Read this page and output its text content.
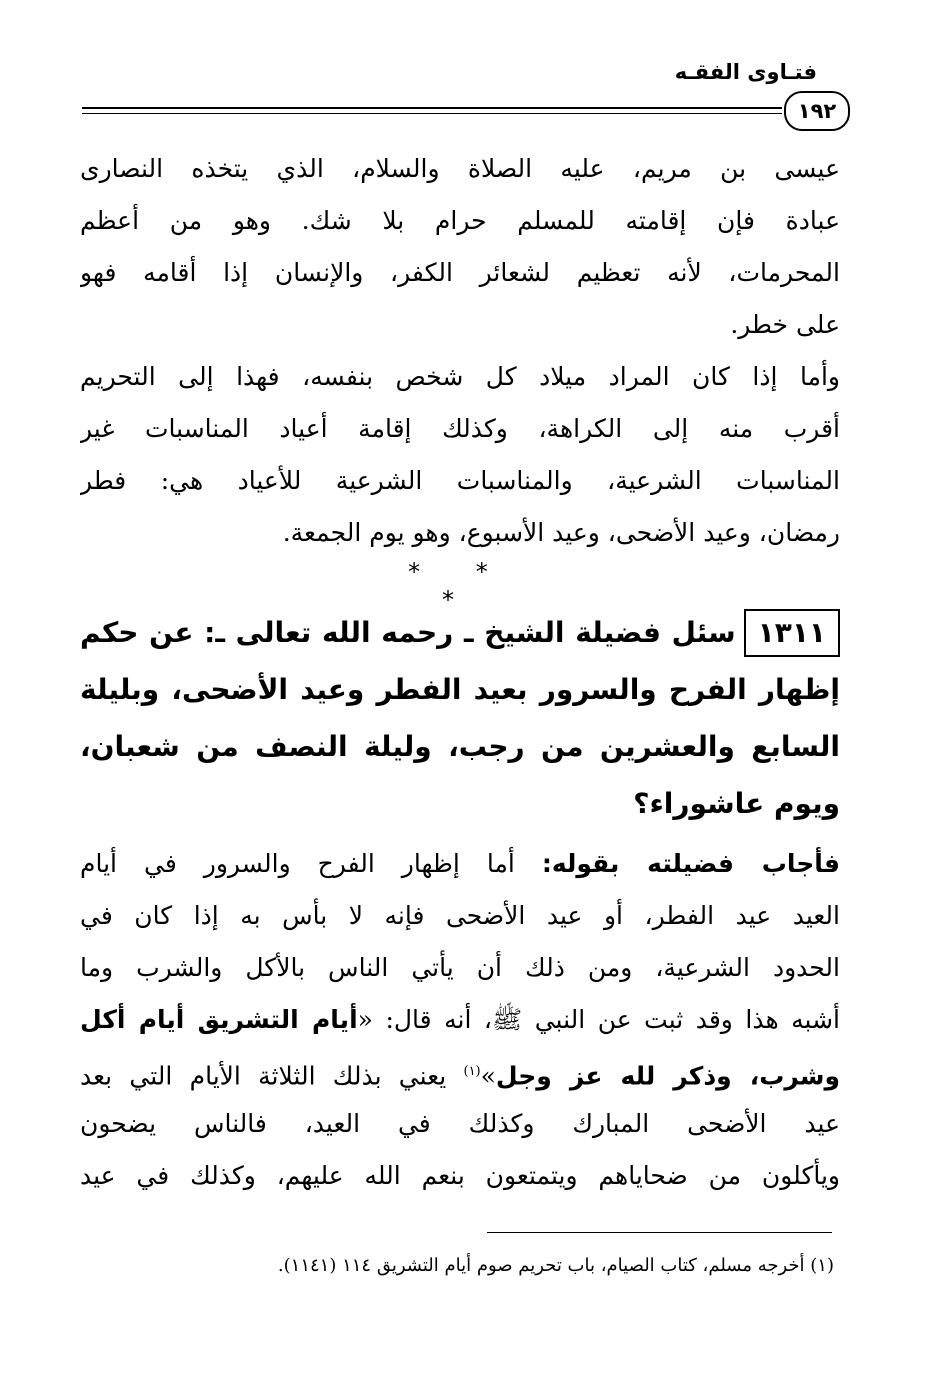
فتـاوى الفقـه
١٩٢
عيسى بن مريم، عليه الصلاة والسلام، الذي يتخذه النصارى
عبادة فإن إقامته للمسلم حرام بلا شك. وهو من أعظم
المحرمات، لأنه تعظيم لشعائر الكفر، والإنسان إذا أقامه فهو
على خطر.
وأما إذا كان المراد ميلاد كل شخص بنفسه، فهذا إلى التحريم
أقرب منه إلى الكراهة، وكذلك إقامة أعياد المناسبات غير
المناسبات الشرعية، والمناسبات الشرعية للأعياد هي: فطر
رمضان، وعيد الأضحى، وعيد الأسبوع، وهو يوم الجمعة.
* * *
١٣١١سئل فضيلة الشيخ ـ رحمه الله تعالى ـ: عن حكم
إظهار الفرح والسرور بعيد الفطر وعيد الأضحى، وبليلة
السابع والعشرين من رجب، وليلة النصف من شعبان،
ويوم عاشوراء؟
فأجاب فضيلته بقوله: أما إظهار الفرح والسرور في أيام
العيد عيد الفطر، أو عيد الأضحى فإنه لا بأس به إذا كان في
الحدود الشرعية، ومن ذلك أن يأتي الناس بالأكل والشرب وما
أشبه هذا وقد ثبت عن النبي ﷺ، أنه قال: «أيام التشريق أيام أكل
وشرب، وذكر لله عز وجل»$^{(١)}$ يعني بذلك الثلاثة الأيام التي بعد
عيد الأضحى المبارك وكذلك في العيد، فالناس يضحون
ويأكلون من ضحاياهم ويتمتعون بنعم الله عليهم، وكذلك في عيد
(١) أخرجه مسلم، كتاب الصيام، باب تحريم صوم أيام التشريق ١١٤ (١١٤١).
